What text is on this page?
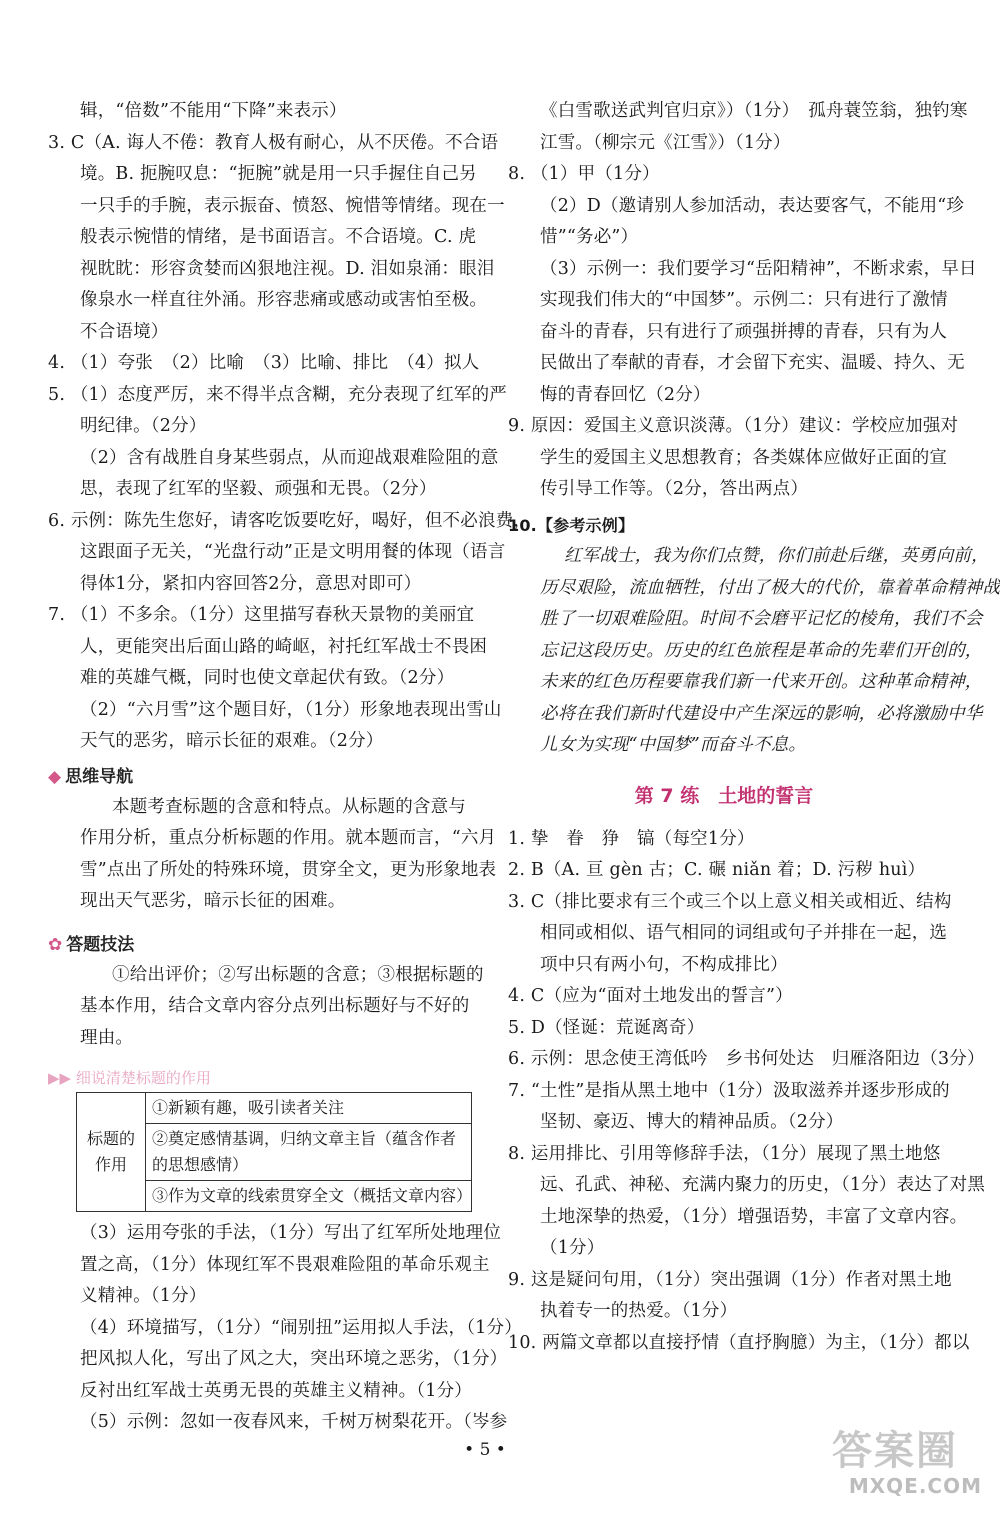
辑，“倍数”不能用“下降”来表示）
3. C（A. 诲人不倦：教育人极有耐心，从不厌倦。不合语
境。B. 扼腕叹息：“扼腕”就是用一只手握住自己另
一只手的手腕，表示振奋、愤怒、惋惜等情绪。现在一
般表示惋惜的情绪，是书面语言。不合语境。C. 虎
视眈眈：形容贪婪而凶狠地注视。D. 泪如泉涌：眼泪
像泉水一样直往外涌。形容悲痛或感动或害怕至极。
不合语境）
4. （1）夸张　（2）比喻　（3）比喻、排比　（4）拟人
5. （1）态度严厉，来不得半点含糊，充分表现了红军的严
明纪律。（2分）
（2）含有战胜自身某些弱点，从而迎战艰难险阻的意
思，表现了红军的坚毅、顽强和无畏。（2分）
6. 示例：陈先生您好，请客吃饭要吃好，喝好，但不必浪费，
这跟面子无关，“光盘行动”正是文明用餐的体现（语言
得体1分，紧扣内容回答2分，意思对即可）
7. （1）不多余。（1分）这里描写春秋天景物的美丽宜
人，更能突出后面山路的崎岖，衬托红军战士不畏困
难的英雄气概，同时也使文章起伏有致。（2分）
（2）“六月雪”这个题目好，（1分）形象地表现出雪山
天气的恶劣，暗示长征的艰难。（2分）
◆ 思维导航
本题考查标题的含意和特点。从标题的含意与
作用分析，重点分析标题的作用。就本题而言，“六月
雪”点出了所处的特殊环境，贯穿全文，更为形象地表
现出天气恶劣，暗示长征的困难。
✿ 答题技法
①给出评价；②写出标题的含意；③根据标题的
基本作用，结合文章内容分点列出标题好与不好的
理由。
▶▶ 细说清楚标题的作用
标题的作用	①新颖有趣，吸引读者关注
②奠定感情基调，归纳文章主旨（蕴含作者的思想感情）
③作为文章的线索贯穿全文（概括文章内容）
（3）运用夸张的手法，（1分）写出了红军所处地理位
置之高，（1分）体现红军不畏艰难险阻的革命乐观主
义精神。（1分）
（4）环境描写，（1分）“闹别扭”运用拟人手法，（1分）
把风拟人化，写出了风之大，突出环境之恶劣，（1分）
反衬出红军战士英勇无畏的英雄主义精神。（1分）
（5）示例：忽如一夜春风来，千树万树梨花开。（岑参
《白雪歌送武判官归京》）（1分）　孤舟蓑笠翁，独钓寒
江雪。（柳宗元《江雪》）（1分）
8. （1）甲（1分）
（2）D（邀请别人参加活动，表达要客气，不能用“珍
惜”“务必”）
（3）示例一：我们要学习“岳阳精神”，不断求索，早日
实现我们伟大的“中国梦”。示例二：只有进行了激情
奋斗的青春，只有进行了顽强拼搏的青春，只有为人
民做出了奉献的青春，才会留下充实、温暖、持久、无
悔的青春回忆（2分）
9. 原因：爱国主义意识淡薄。（1分）建议：学校应加强对
学生的爱国主义思想教育；各类媒体应做好正面的宣
传引导工作等。（2分，答出两点）
10.【参考示例】
红军战士，我为你们点赞，你们前赴后继，英勇向前，
历尽艰险，流血牺牲，付出了极大的代价，靠着革命精神战
胜了一切艰难险阻。时间不会磨平记忆的棱角，我们不会
忘记这段历史。历史的红色旅程是革命的先辈们开创的，
未来的红色历程要靠我们新一代来开创。这种革命精神，
必将在我们新时代建设中产生深远的影响，必将激励中华
儿女为实现“中国梦”而奋斗不息。
第 7 练　土地的誓言
1. 挚　眷　狰　镐（每空1分）
2. B（A. 亘 gèn 古；C. 碾 niǎn 着；D. 污秽 huì）
3. C（排比要求有三个或三个以上意义相关或相近、结构
相同或相似、语气相同的词组或句子并排在一起，选
项中只有两小句，不构成排比）
4. C（应为“面对土地发出的誓言”）
5. D（怪诞：荒诞离奇）
6. 示例：思念使王湾低吟　乡书何处达　归雁洛阳边（3分）
7. “土性”是指从黑土地中（1分）汲取滋养并逐步形成的
坚韧、豪迈、博大的精神品质。（2分）
8. 运用排比、引用等修辞手法，（1分）展现了黑土地悠
远、孔武、神秘、充满内聚力的历史，（1分）表达了对黑
土地深挚的热爱，（1分）增强语势，丰富了文章内容。
（1分）
9. 这是疑问句用，（1分）突出强调（1分）作者对黑土地
执着专一的热爱。（1分）
10. 两篇文章都以直接抒情（直抒胸臆）为主，（1分）都以
• 5 •	答案圈
MXQE.COM
